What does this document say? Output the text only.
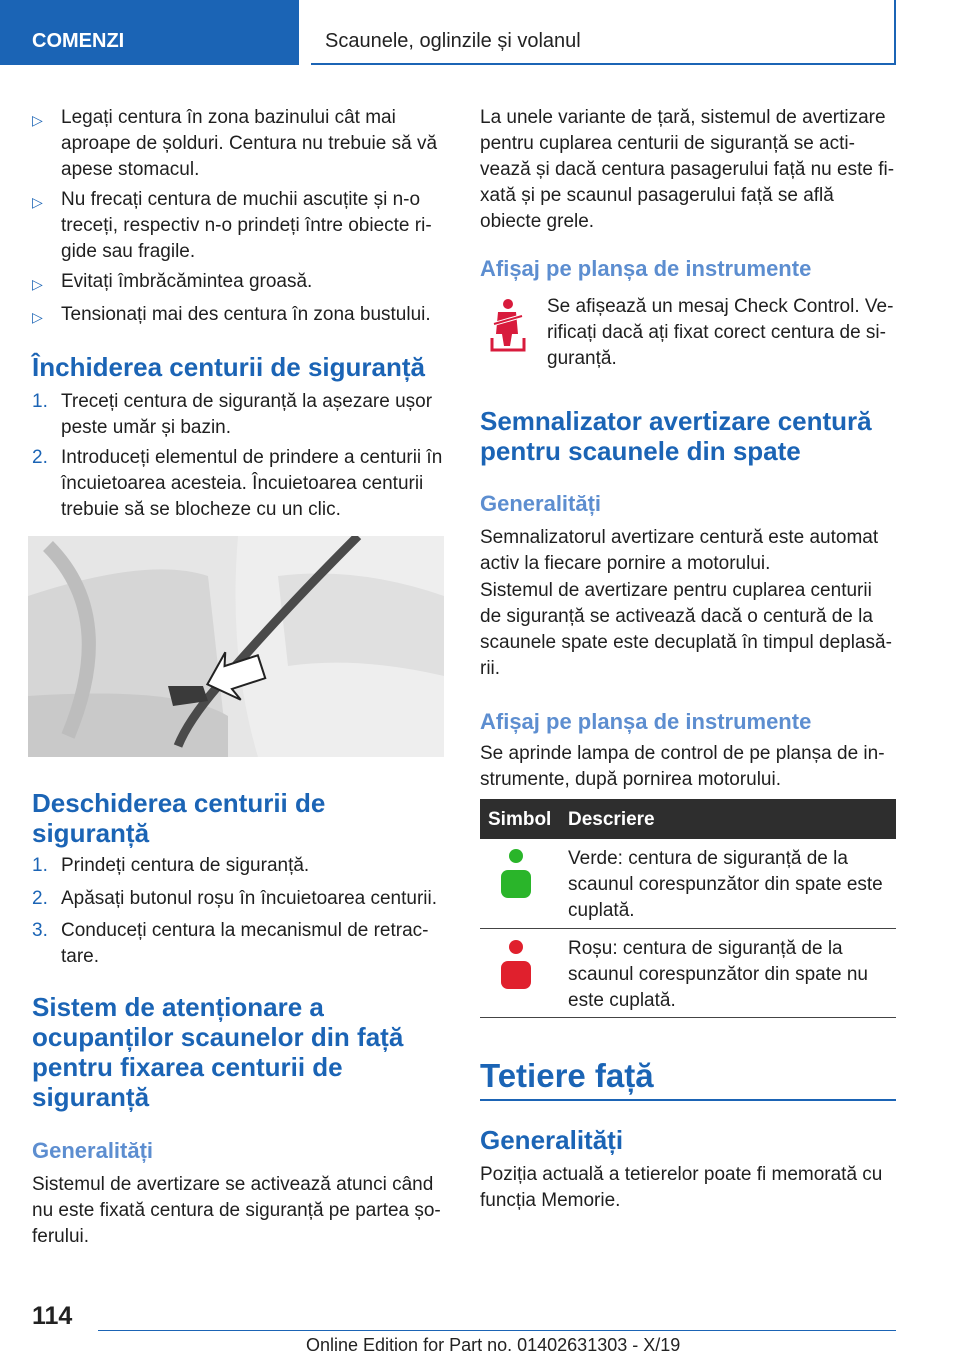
COMENZI	Scaunele, oglinzile și volanul
▷ Legați centura în zona bazinului cât mai aproape de șolduri. Centura nu trebuie să vă apese stomacul.
▷ Nu frecați centura de muchii ascuțite și n-o treceți, respectiv n-o prindeți între obiecte ri-gide sau fragile.
▷ Evitați îmbrăcămintea groasă.
▷ Tensionați mai des centura în zona bustului.
Închiderea centurii de siguranță
1. Treceți centura de siguranță la așezare ușor peste umăr și bazin.
2. Introduceți elementul de prindere a centurii în încuietoarea acesteia. Încuietoarea centurii trebuie să se blocheze cu un clic.
Deschiderea centurii de siguranță
1. Prindeți centura de siguranță.
2. Apăsați butonul roșu în încuietoarea centurii.
3. Conduceți centura la mecanismul de retrac-tare.
Sistem de atenționare a ocupanților scaunelor din față pentru fixarea centurii de siguranță
Generalități
Sistemul de avertizare se activează atunci când nu este fixată centura de siguranță pe partea șo-ferului.
La unele variante de țară, sistemul de avertizare pentru cuplarea centurii de siguranță se acti-vează și dacă centura pasagerului față nu este fi-xată și pe scaunul pasagerului față se află obiecte grele.
Afișaj pe planșa de instrumente
Se afișează un mesaj Check Control. Ve-rificați dacă ați fixat corect centura de si-guranță.
Semnalizator avertizare centură pentru scaunele din spate
Generalități
Semnalizatorul avertizare centură este automat activ la fiecare pornire a motorului.
Sistemul de avertizare pentru cuplarea centurii de siguranță se activează dacă o centură de la scaunele spate este decuplată în timpul deplasă-rii.
Afișaj pe planșa de instrumente
Se aprinde lampa de control de pe planșa de in-strumente, după pornirea motorului.
Simbol Descriere
Verde: centura de siguranță de la scaunul corespunzător din spate este cuplată.
Roșu: centura de siguranță de la scaunul corespunzător din spate nu este cuplată.
Tetiere față
Generalități
Poziția actuală a tetierelor poate fi memorată cu funcția Memorie.
114
Online Edition for Part no. 01402631303 - X/19
